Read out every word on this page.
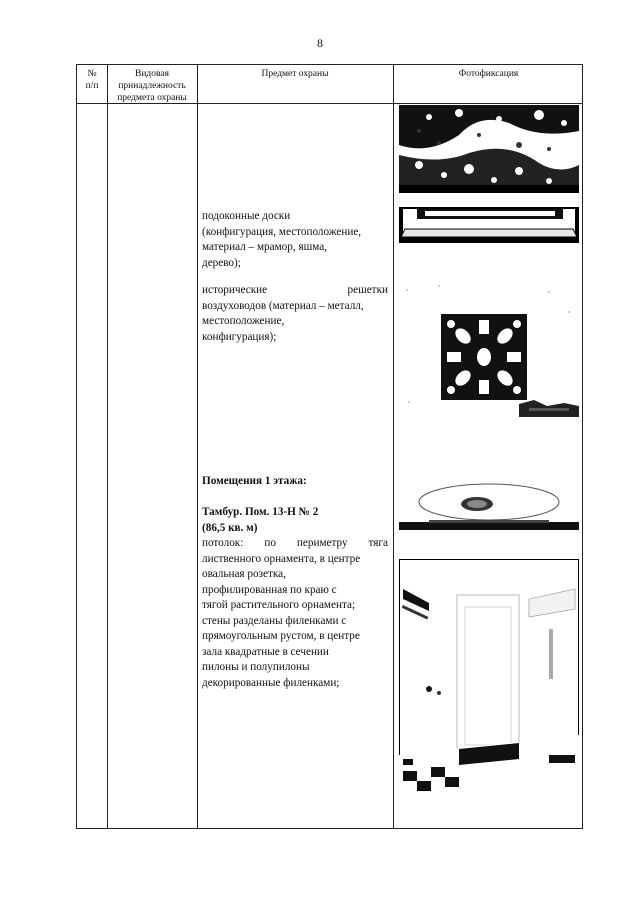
8
№
п/п
Видовая
принадлежность
предмета охраны
Предмет охраны	Фотофиксация
подоконные доски
(конфигурация, местоположение,
материал – мрамор, яшма,
дерево);
исторические	решетки
воздуховодов (материал – металл,
местоположение,
конфигурация);
Помещения 1 этажа:
Тамбур. Пом. 13-Н № 2
(86,5 кв. м)
потолок: по периметру тяга
лиственного орнамента, в центре
овальная розетка,
профилированная по краю с
тягой растительного орнамента;
стены разделаны филенками с
прямоугольным рустом, в центре
зала квадратные в сечении
пилоны и полупилоны
декорированные филенками;
